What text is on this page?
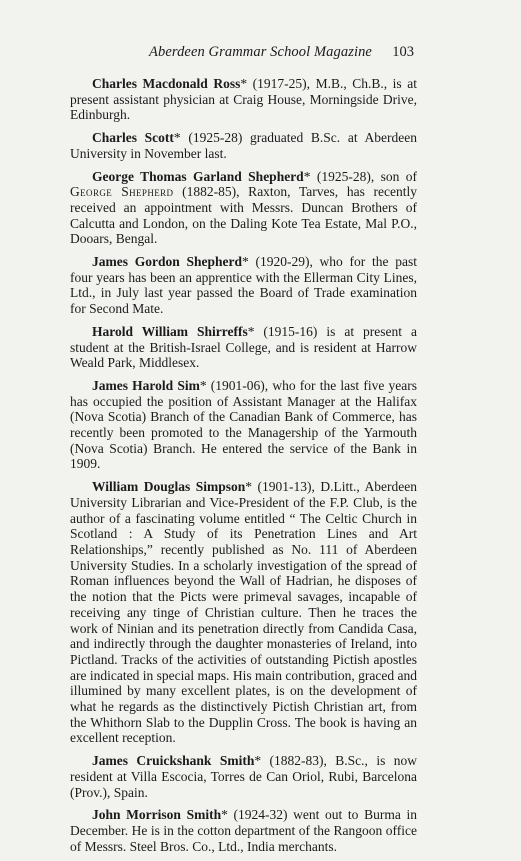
Aberdeen Grammar School Magazine	103

Charles Macdonald Ross* (1917-25), M.B., Ch.B., is at present assistant physician at Craig House, Morningside Drive, Edinburgh.

Charles Scott* (1925-28) graduated B.Sc. at Aberdeen University in November last.

George Thomas Garland Shepherd* (1925-28), son of George Shepherd (1882-85), Raxton, Tarves, has recently received an appointment with Messrs. Duncan Brothers of Calcutta and London, on the Daling Kote Tea Estate, Mal P.O., Dooars, Bengal.

James Gordon Shepherd* (1920-29), who for the past four years has been an apprentice with the Ellerman City Lines, Ltd., in July last year passed the Board of Trade examination for Second Mate.

Harold William Shirreffs* (1915-16) is at present a student at the British-Israel College, and is resident at Harrow Weald Park, Middlesex.

James Harold Sim* (1901-06), who for the last five years has occupied the position of Assistant Manager at the Halifax (Nova Scotia) Branch of the Canadian Bank of Commerce, has recently been promoted to the Managership of the Yarmouth (Nova Scotia) Branch. He entered the service of the Bank in 1909.

William Douglas Simpson* (1901-13), D.Litt., Aberdeen University Librarian and Vice-President of the F.P. Club, is the author of a fascinating volume entitled “ The Celtic Church in Scotland : A Study of its Penetration Lines and Art Relationships,” recently published as No. 111 of Aberdeen University Studies. In a scholarly investigation of the spread of Roman influences beyond the Wall of Hadrian, he disposes of the notion that the Picts were primeval savages, incapable of receiving any tinge of Christian culture. Then he traces the work of Ninian and its penetration directly from Candida Casa, and indirectly through the daughter monasteries of Ireland, into Pictland. Tracks of the activities of outstanding Pictish apostles are indicated in special maps. His main contribution, graced and illumined by many excellent plates, is on the development of what he regards as the distinctively Pictish Christian art, from the Whithorn Slab to the Dupplin Cross. The book is having an excellent reception.

James Cruickshank Smith* (1882-83), B.Sc., is now resident at Villa Escocia, Torres de Can Oriol, Rubi, Barcelona (Prov.), Spain.

John Morrison Smith* (1924-32) went out to Burma in December. He is in the cotton department of the Rangoon office of Messrs. Steel Bros. Co., Ltd., India merchants.
